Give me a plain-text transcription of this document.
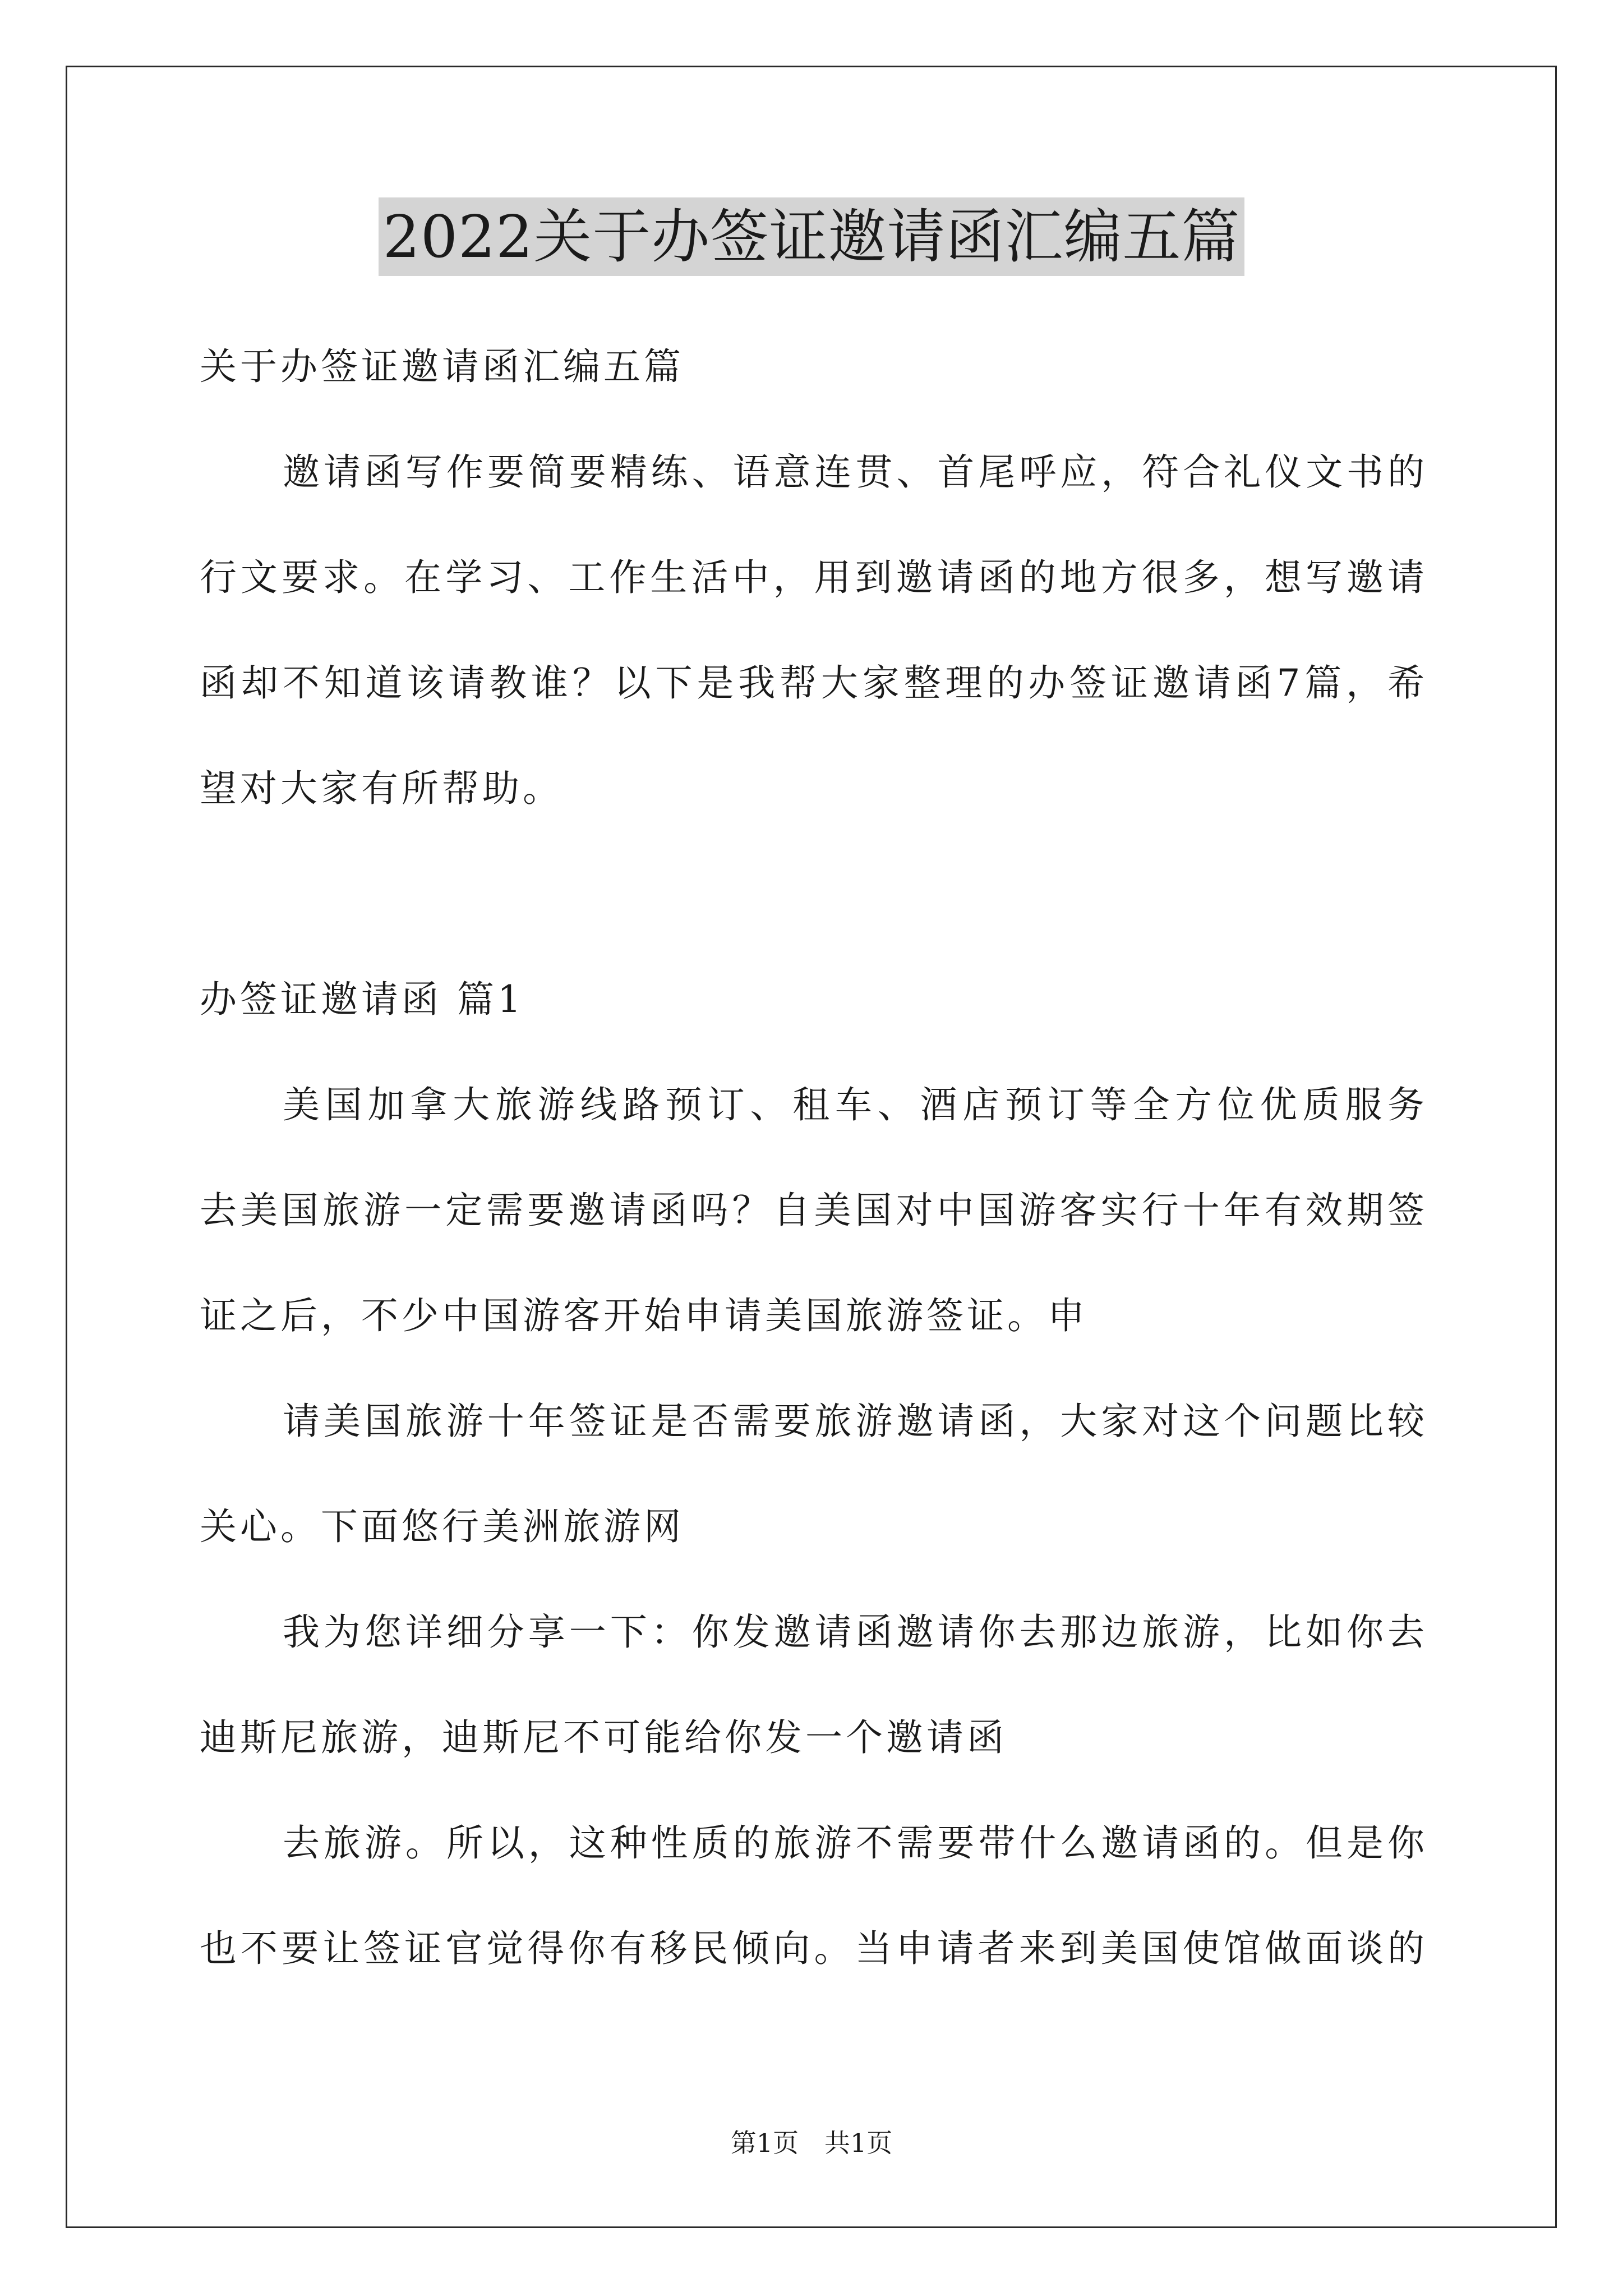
2022关于办签证邀请函汇编五篇
关于办签证邀请函汇编五篇
邀请函写作要简要精练、语意连贯、首尾呼应，符合礼仪文书的
行文要求。在学习、工作生活中，用到邀请函的地方很多，想写邀请
函却不知道该请教谁？以下是我帮大家整理的办签证邀请函7篇，希
望对大家有所帮助。
办签证邀请函 篇1
美国加拿大旅游线路预订、租车、酒店预订等全方位优质服务
去美国旅游一定需要邀请函吗？自美国对中国游客实行十年有效期签
证之后，不少中国游客开始申请美国旅游签证。申
请美国旅游十年签证是否需要旅游邀请函，大家对这个问题比较
关心。下面悠行美洲旅游网
我为您详细分享一下：你发邀请函邀请你去那边旅游，比如你去
迪斯尼旅游，迪斯尼不可能给你发一个邀请函
去旅游。所以，这种性质的旅游不需要带什么邀请函的。但是你
也不要让签证官觉得你有移民倾向。当申请者来到美国使馆做面谈的
第1页　共1页
